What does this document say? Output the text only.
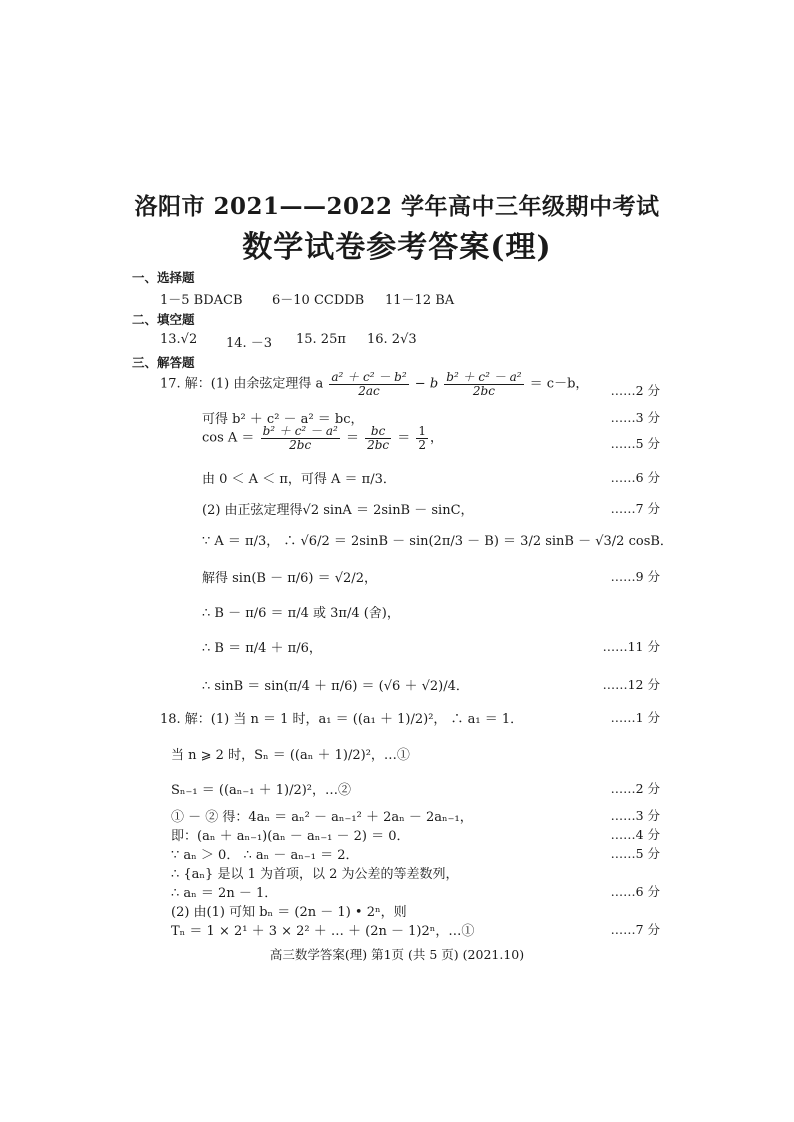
洛阳市 2021——2022 学年高中三年级期中考试
数学试卷参考答案(理)
一、选择题
1－5 BDACB 6－10 CCDDB 11－12 BA
二、填空题
13.√2 14. －3 15. 25π 16. 2√3
三、解答题
17. 解：(1) 由余弦定理得 a $\frac{\text{a² ＋ c² － b²}}{2ac} - b \frac{\text{b² ＋ c² － a²}}{2bc} = c-b$， ……2 分
可得 b² ＋ c² － a² ＝ bc，	……3 分
$\cos A = \frac{\text{b² ＋ c² － a²}}{2bc} = \frac{bc}{2bc} = \frac{1}{2}$ ，	……5 分
由 0 ＜ A ＜ π，可得 A ＝ π/3．	……6 分
(2) 由正弦定理得√2 sinA ＝ 2sinB － sinC，	……7 分
∵ A ＝ π/3， ∴ √6/2 ＝ 2sinB － sin(2π/3 － B) ＝ 3/2 sinB － √3/2 cosB．
解得 sin(B － π/6) ＝ √2/2，	……9 分
∴ B － π/6 ＝ π/4 或 3π/4 (舍)，
∴ B ＝ π/4 ＋ π/6，	……11 分
∴ sinB ＝ sin(π/4 ＋ π/6) ＝ (√6 ＋ √2)/4．	……12 分
18. 解：(1) 当 n ＝ 1 时，a₁ ＝ ((a₁ ＋ 1)/2)²， ∴ a₁ ＝ 1．	……1 分
当 n ⩾ 2 时，Sₙ ＝ ((aₙ ＋ 1)/2)²，…①
Sₙ₋₁ ＝ ((aₙ₋₁ ＋ 1)/2)²，…②	……2 分
① － ② 得：4aₙ ＝ aₙ² － aₙ₋₁² ＋ 2aₙ － 2aₙ₋₁，	……3 分
即：(aₙ ＋ aₙ₋₁)(aₙ － aₙ₋₁ － 2) ＝ 0．	……4 分
∵ aₙ ＞ 0． ∴ aₙ － aₙ₋₁ ＝ 2．	……5 分
∴ {aₙ} 是以 1 为首项，以 2 为公差的等差数列，
∴ aₙ ＝ 2n － 1．	……6 分
(2) 由(1) 可知 bₙ ＝ (2n － 1) • 2ⁿ，则
Tₙ ＝ 1 × 2¹ ＋ 3 × 2² ＋ … ＋ (2n － 1)2ⁿ，…①	……7 分
高三数学答案(理) 第1页 (共 5 页) (2021.10)
